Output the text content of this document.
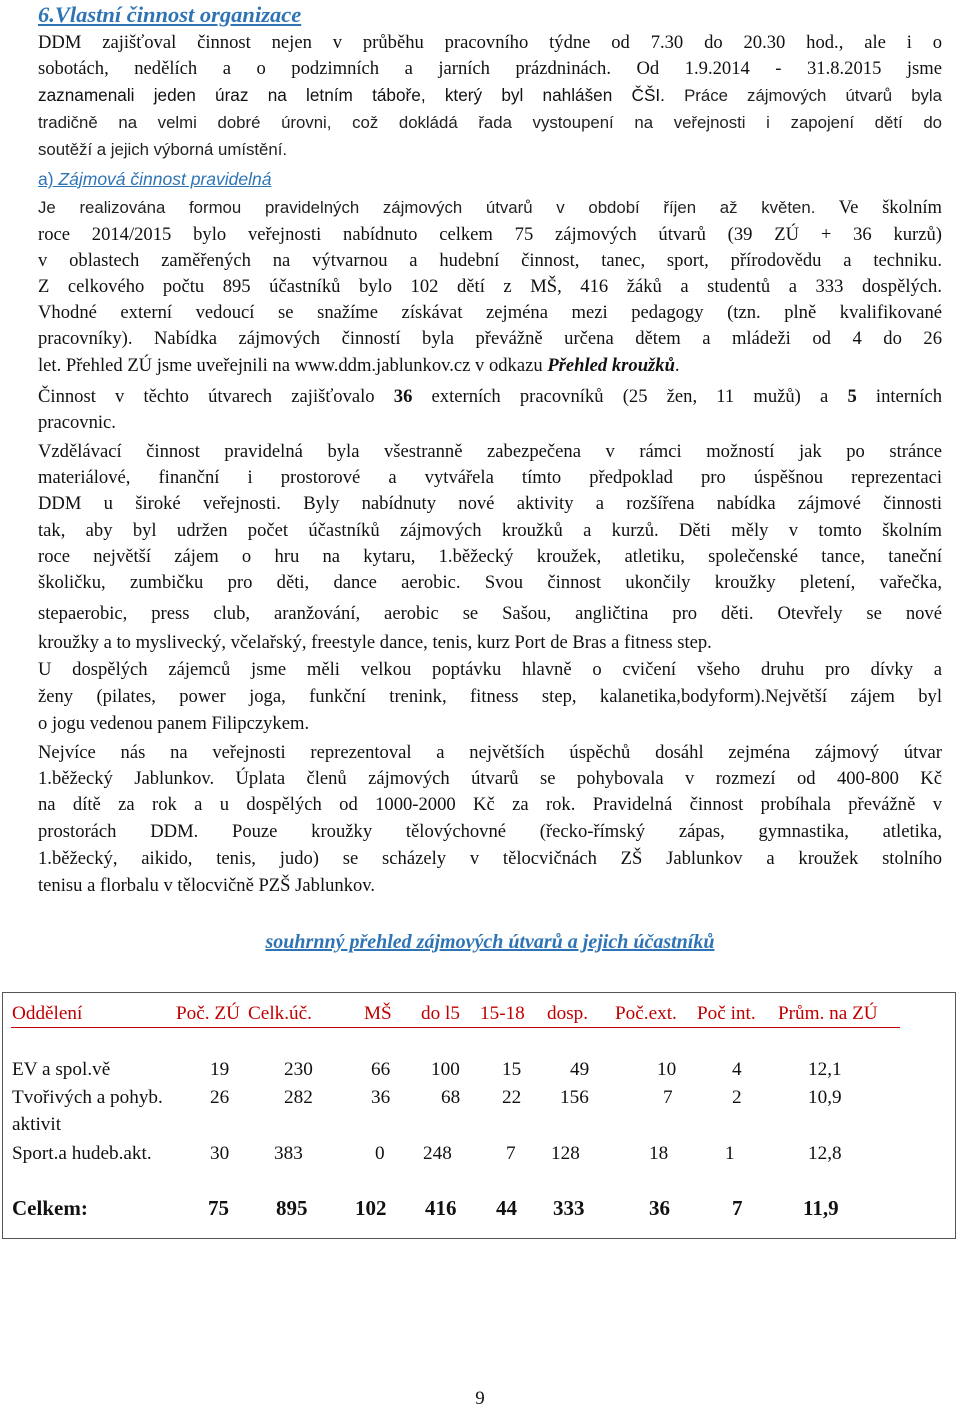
6.Vlastní činnost organizace
DDM zajišťoval činnost nejen v průběhu pracovního týdne od 7.30 do 20.30 hod., ale i o
sobotách, nedělích a o podzimních a jarních prázdninách. Od 1.9.2014 - 31.8.2015 jsme
zaznamenali jeden úraz na letním táboře, který byl nahlášen ČŠI. Práce zájmových útvarů byla
tradičně na velmi dobré úrovni, což dokládá řada vystoupení na veřejnosti i zapojení dětí do
soutěží a jejich výborná umístění.
a) Zájmová činnost pravidelná
Je realizována formou pravidelných zájmových útvarů v období říjen až květen. Ve školním
roce 2014/2015 bylo veřejnosti nabídnuto celkem 75 zájmových útvarů (39 ZÚ + 36 kurzů)
v oblastech zaměřených na výtvarnou a hudební činnost, tanec, sport, přírodovědu a techniku.
Z celkového počtu 895 účastníků bylo 102 dětí z MŠ, 416 žáků a studentů a 333 dospělých.
Vhodné externí vedoucí se snažíme získávat zejména mezi pedagogy (tzn. plně kvalifikované
pracovníky). Nabídka zájmových činností byla převážně určena dětem a mládeži od 4 do 26
let. Přehled ZÚ jsme uveřejnili na www.ddm.jablunkov.cz v odkazu Přehled kroužků.
Činnost v těchto útvarech zajišťovalo 36 externích pracovníků (25 žen, 11 mužů) a 5 interních
pracovnic.
Vzdělávací činnost pravidelná byla všestranně zabezpečena v rámci možností jak po stránce
materiálové, finanční i prostorové a vytvářela tímto předpoklad pro úspěšnou reprezentaci
DDM u široké veřejnosti. Byly nabídnuty nové aktivity a rozšířena nabídka zájmové činnosti
tak, aby byl udržen počet účastníků zájmových kroužků a kurzů. Děti měly v tomto školním
roce největší zájem o hru na kytaru, 1.běžecký kroužek, atletiku, společenské tance, taneční
školičku, zumbičku pro děti, dance aerobic. Svou činnost ukončily kroužky pletení, vařečka,
stepaerobic, press club, aranžování, aerobic se Sašou, angličtina pro děti. Otevřely se nové
kroužky a to myslivecký, včelařský, freestyle dance, tenis, kurz Port de Bras a fitness step.
U dospělých zájemců jsme měli velkou poptávku hlavně o cvičení všeho druhu pro dívky a
ženy (pilates, power joga, funkční trenink, fitness step, kalanetika,bodyform).Největší zájem byl
o jogu vedenou panem Filipczykem.
Nejvíce nás na veřejnosti reprezentoval a největších úspěchů dosáhl zejména zájmový útvar
1.běžecký Jablunkov. Úplata členů zájmových útvarů se pohybovala v rozmezí od 400-800 Kč
na dítě za rok a u dospělých od 1000-2000 Kč za rok. Pravidelná činnost probíhala převážně v
prostorách DDM. Pouze kroužky tělovýchovné (řecko-římský zápas, gymnastika, atletika,
1.běžecký, aikido, tenis, judo) se scházely v tělocvičnách ZŠ Jablunkov a kroužek stolního
tenisu a florbalu v tělocvičně PZŠ Jablunkov.
souhrnný přehled zájmových útvarů a jejich účastníků
Oddělení	Poč. ZÚ Celk.úč.	MŠ do l5 15-18 dosp. Poč.ext. Poč int. Prům. na ZÚ
EV a spol.vě	19	230	66 100 15	49	10	4	12,1
Tvořivých a pohyb. 26	282	36	68 22 156	7	2	10,9
aktivit
Sport.a hudeb.akt.	30 383	0 248	7 128	18	1	12,8
Celkem:	75 895 102 416 44 333	36	7	11,9
9
